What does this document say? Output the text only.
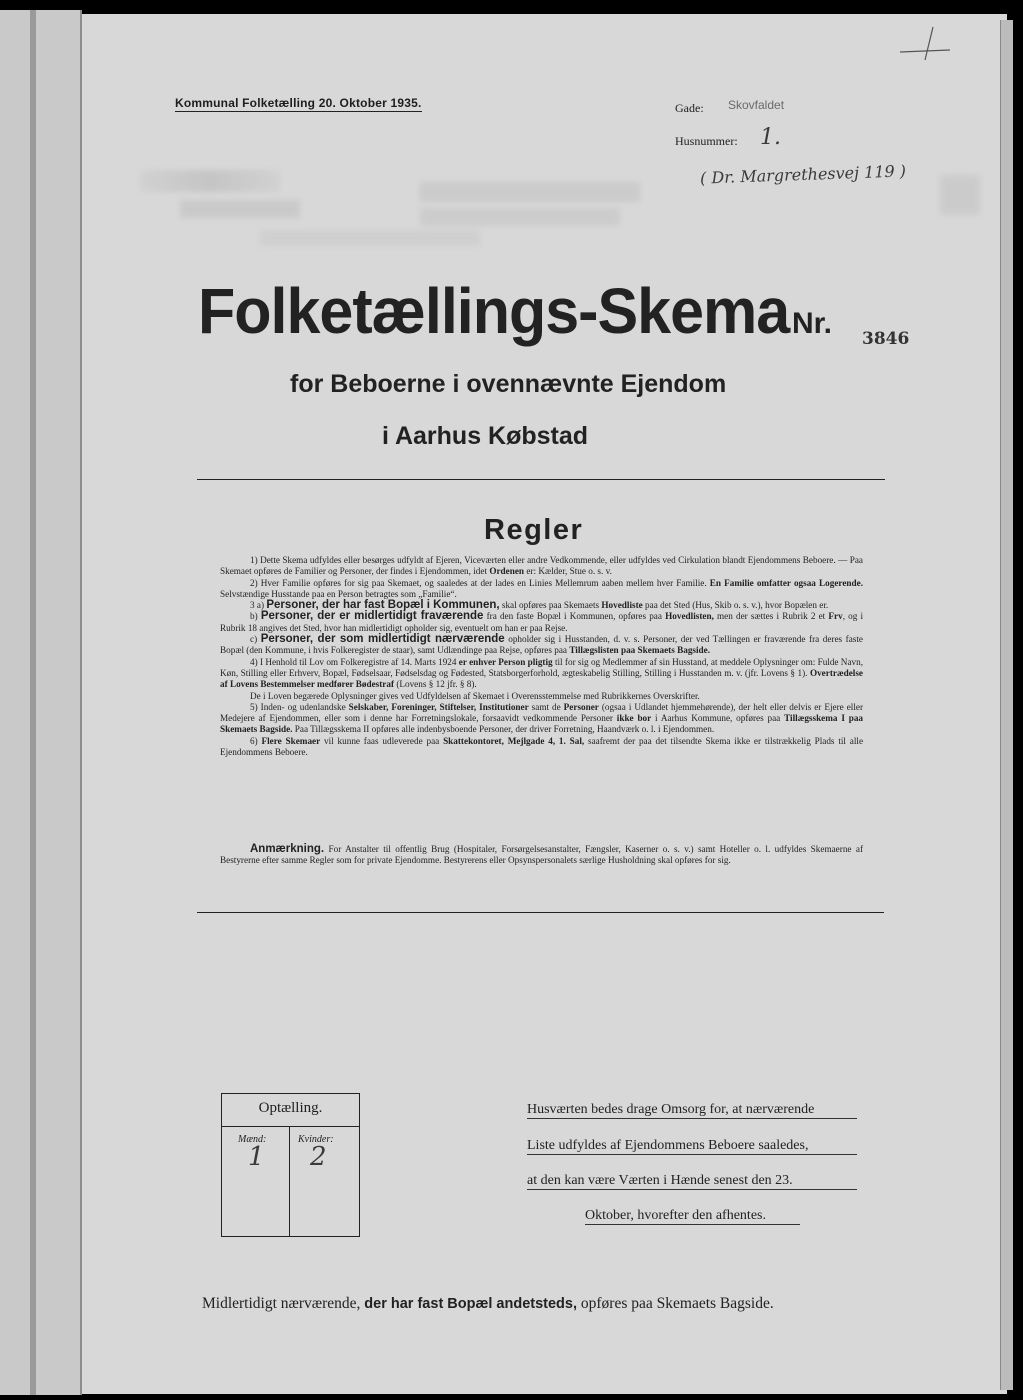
Kommunal Folketælling 20. Oktober 1935.	Gade: Skovfaldet
Husnummer: 1.
( Dr. Margrethesvej 119 )
Folketællings-Skema Nr. 3846
for Beboerne i ovennævnte Ejendom
i Aarhus Købstad
Regler

1) Dette Skema udfyldes eller besørges udfyldt af Ejeren, Viceværten eller andre Vedkommende, eller udfyldes ved Cirkulation blandt Ejendommens Beboere. — Paa Skemaet opføres de Familier og Personer, der findes i Ejendommen, idet Ordenen er: Kælder, Stue o. s. v.

2) Hver Familie opføres for sig paa Skemaet, og saaledes at der lades en Linies Mellemrum aaben mellem hver Familie. En Familie omfatter ogsaa Logerende. Selvstændige Husstande paa en Person betragtes som „Familie“.

3 a) Personer, der har fast Bopæl i Kommunen, skal opføres paa Skemaets Hovedliste paa det Sted (Hus, Skib o. s. v.), hvor Bopælen er.

b) Personer, der er midlertidigt fraværende fra den faste Bopæl i Kommunen, opføres paa Hovedlisten, men der sættes i Rubrik 2 et Frv, og i Rubrik 18 angives det Sted, hvor han midlertidigt opholder sig, eventuelt om han er paa Rejse.

c) Personer, der som midlertidigt nærværende opholder sig i Husstanden, d. v. s. Personer, der ved Tællingen er fraværende fra deres faste Bopæl (den Kommune, i hvis Folkeregister de staar), samt Udlændinge paa Rejse, opføres paa Tillægslisten paa Skemaets Bagside.

4) I Henhold til Lov om Folkeregistre af 14. Marts 1924 er enhver Person pligtig til for sig og Medlemmer af sin Husstand, at meddele Oplysninger om: Fulde Navn, Køn, Stilling eller Erhverv, Bopæl, Fødselsaar, Fødselsdag og Fødested, Statsborgerforhold, ægteskabelig Stilling, Stilling i Husstanden m. v. (jfr. Lovens § 1). Overtrædelse af Lovens Bestemmelser medfører Bødestraf (Lovens § 12 jfr. § 8).

De i Loven begærede Oplysninger gives ved Udfyldelsen af Skemaet i Overensstemmelse med Rubrikkernes Overskrifter.

5) Inden- og udenlandske Selskaber, Foreninger, Stiftelser, Institutioner samt de Personer (ogsaa i Udlandet hjemmehørende), der helt eller delvis er Ejere eller Medejere af Ejendommen, eller som i denne har Forretningslokale, forsaavidt vedkommende Personer ikke bor i Aarhus Kommune, opføres paa Tillægsskema I paa Skemaets Bagside. Paa Tillægsskema II opføres alle indenbysboende Personer, der driver Forretning, Haandværk o. l. i Ejendommen.

6) Flere Skemaer vil kunne faas udleverede paa Skattekontoret, Mejlgade 4, 1. Sal, saafremt der paa det tilsendte Skema ikke er tilstrækkelig Plads til alle Ejendommens Beboere.

Anmærkning. For Anstalter til offentlig Brug (Hospitaler, Forsørgelsesanstalter, Fængsler, Kaserner o. s. v.) samt Hoteller o. l. udfyldes Skemaerne af Bestyrerne efter samme Regler som for private Ejendomme. Bestyrerens eller Opsynspersonalets særlige Husholdning skal opføres for sig.

Optælling.
Mænd:	Kvinder:
1 2
Husværten bedes drage Omsorg for, at nærværende
Liste udfyldes af Ejendommens Beboere saaledes,
at den kan være Værten i Hænde senest den 23.
Oktober, hvorefter den afhentes.
Midlertidigt nærværende, der har fast Bopæl andetsteds, opføres paa Skemaets Bagside.
